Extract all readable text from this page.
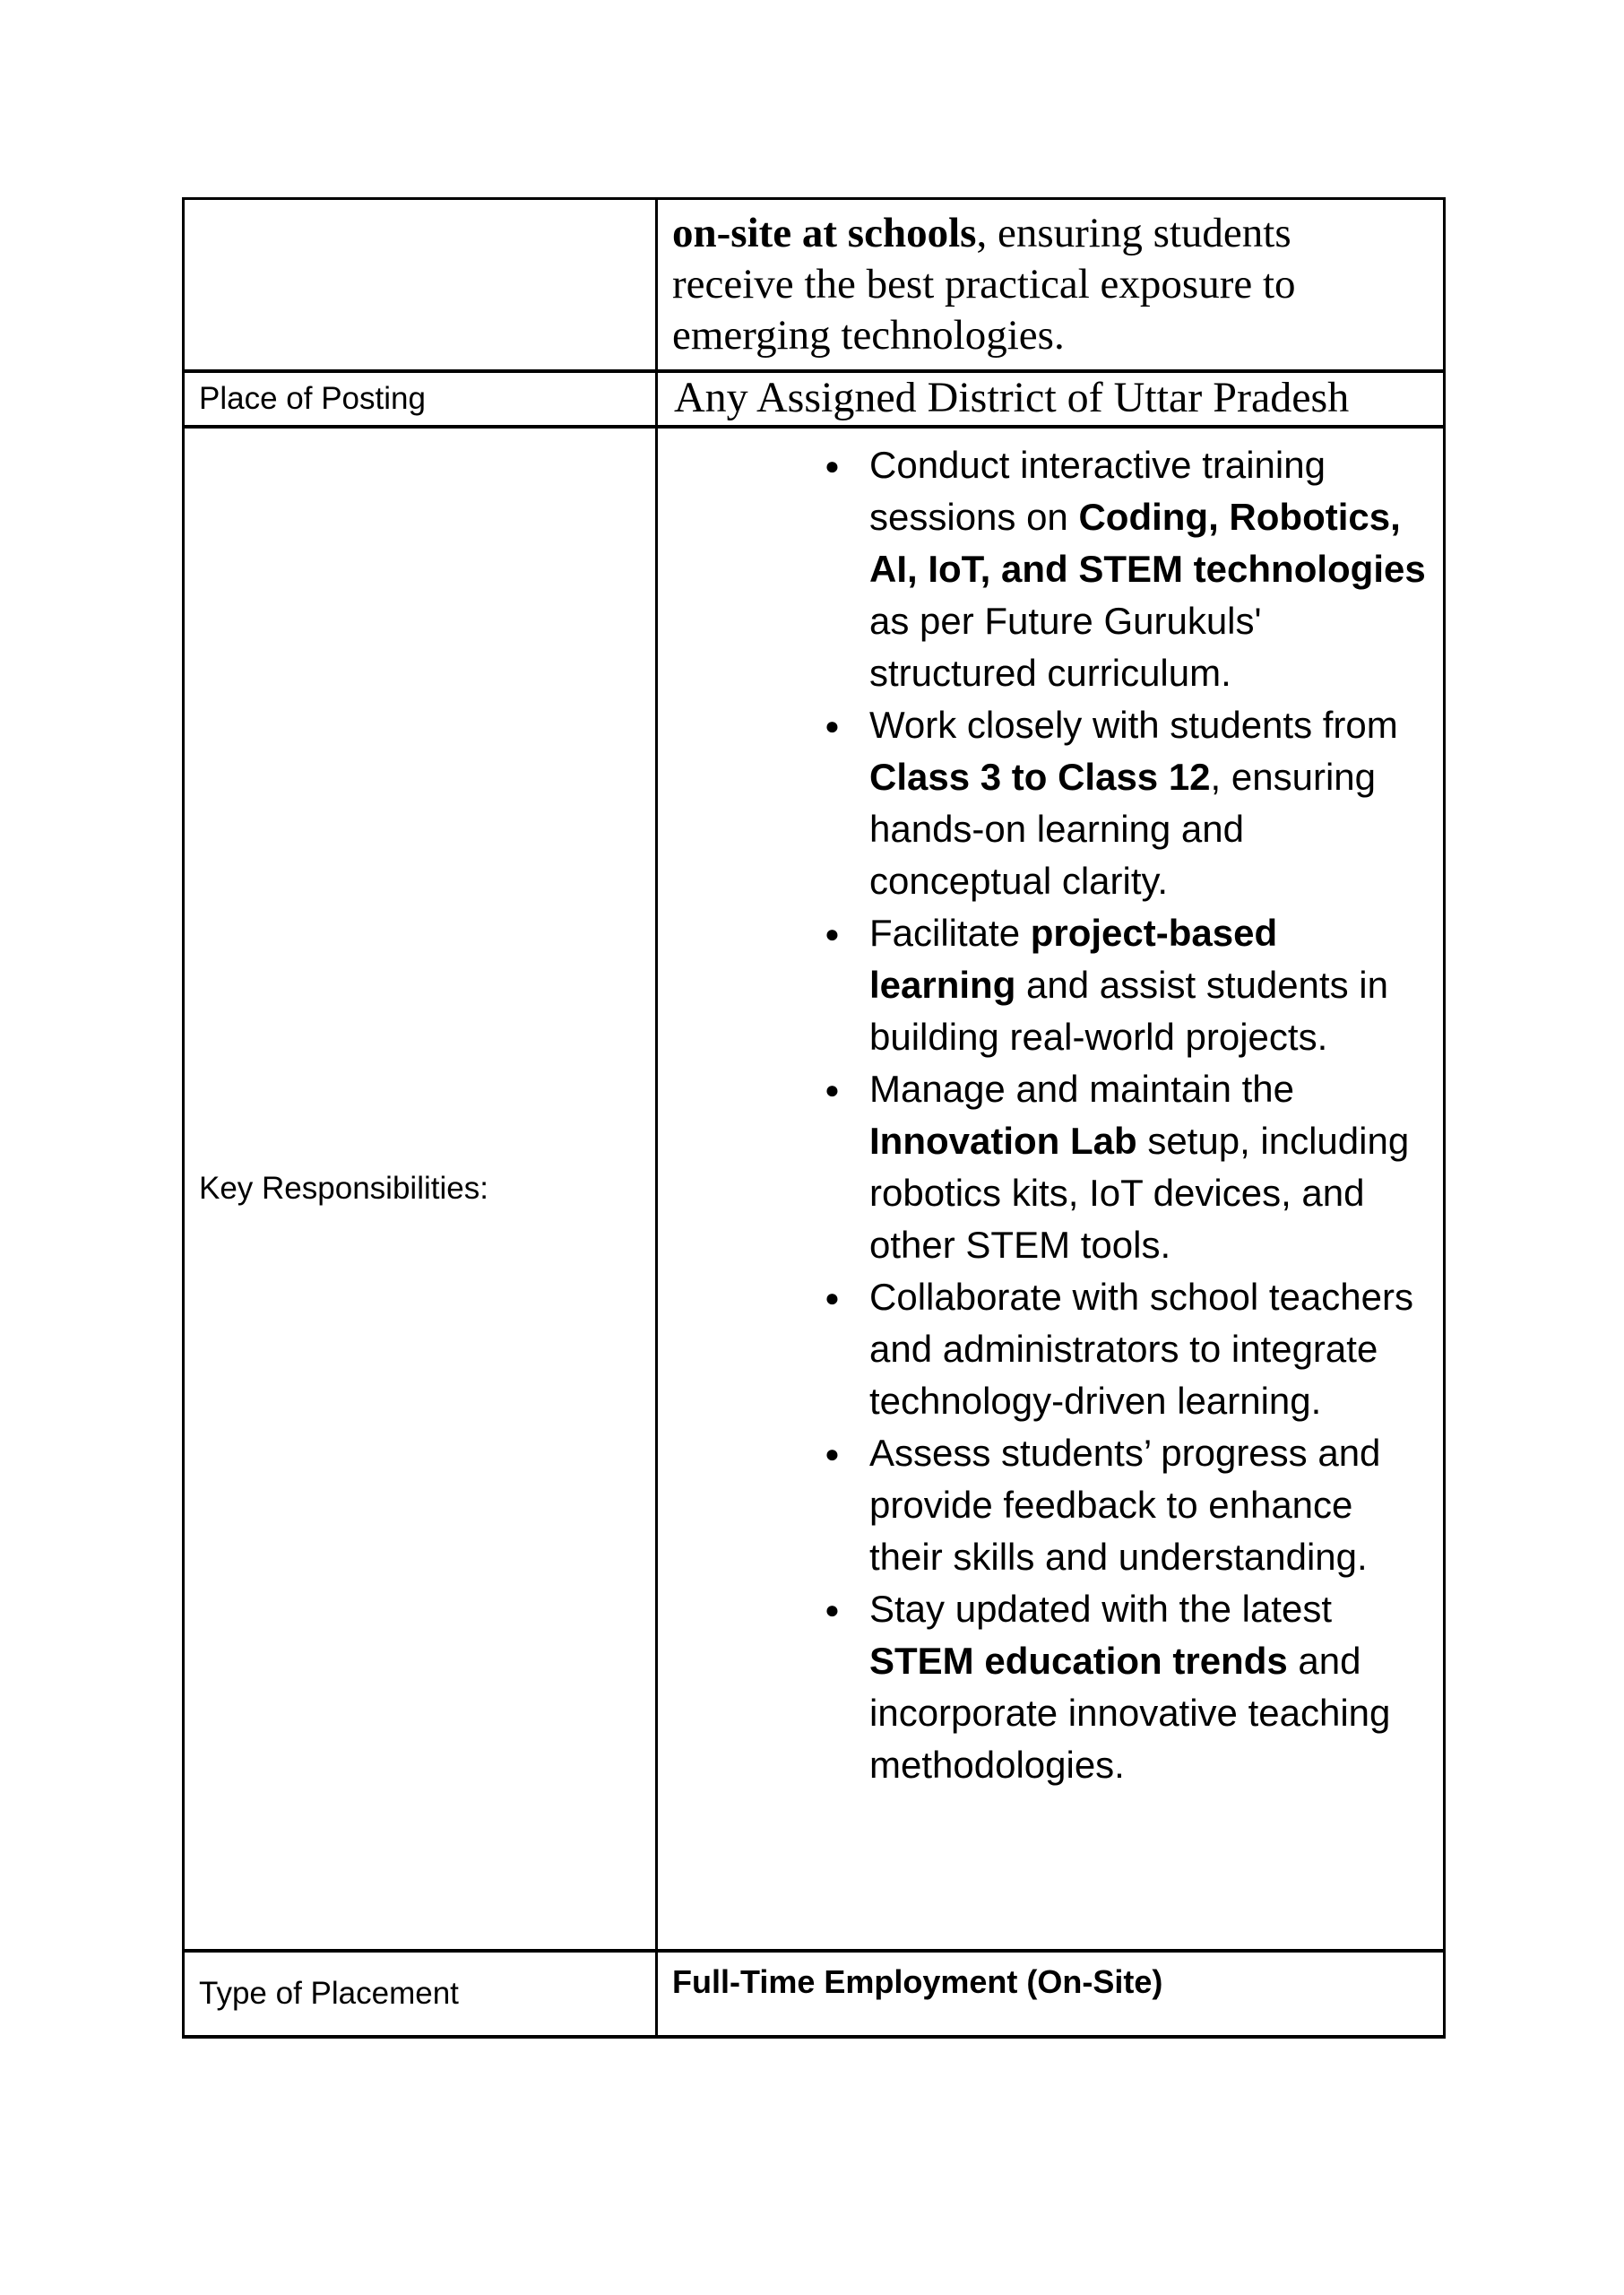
	on-site at schools, ensuring students receive the best practical exposure to emerging technologies.
Place of Posting	Any Assigned District of Uttar Pradesh
Key Responsibilities:	
● Conduct interactive training sessions on Coding, Robotics, AI, IoT, and STEM technologies as per Future Gurukuls' structured curriculum.
● Work closely with students from Class 3 to Class 12, ensuring hands-on learning and conceptual clarity.
● Facilitate project-based learning and assist students in building real-world projects.
● Manage and maintain the Innovation Lab setup, including robotics kits, IoT devices, and other STEM tools.
● Collaborate with school teachers and administrators to integrate technology-driven learning.
● Assess students’ progress and provide feedback to enhance their skills and understanding.
● Stay updated with the latest STEM education trends and incorporate innovative teaching methodologies.

Type of Placement	Full-Time Employment (On-Site)
